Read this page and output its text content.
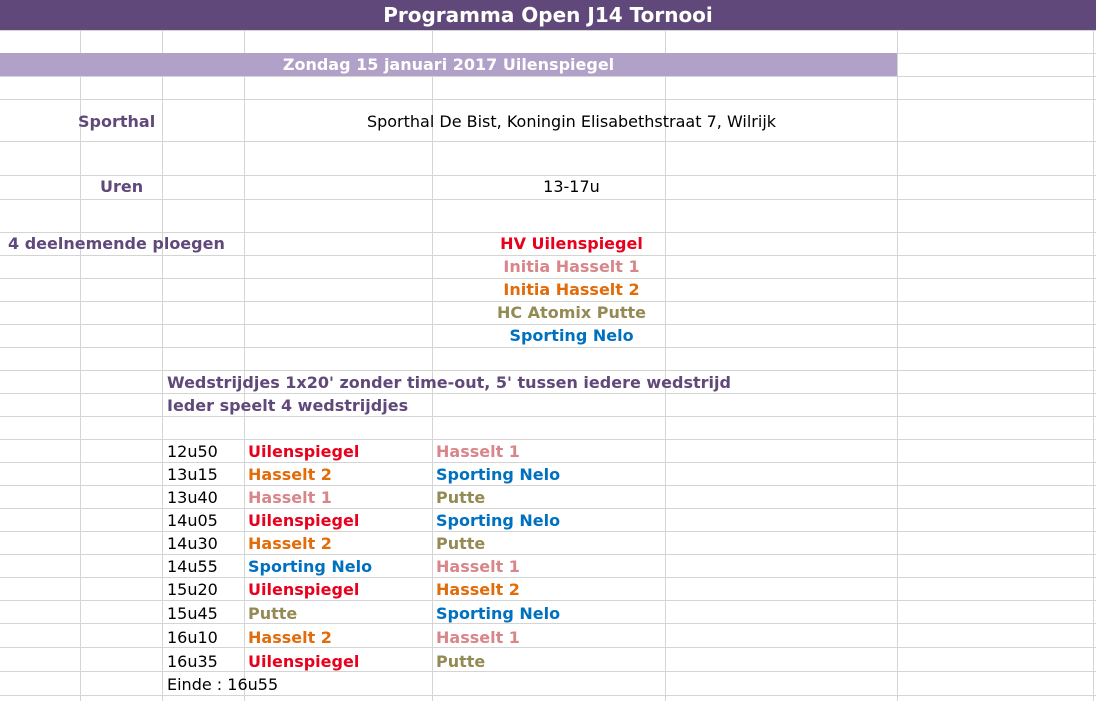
Programma Open J14 Tornooi
Zondag 15 januari 2017 Uilenspiegel
Sporthal	Sporthal De Bist, Koningin Elisabethstraat 7, Wilrijk
Uren	13-17u
4 deelnemende ploegen	HV Uilenspiegel
Initia Hasselt 1
Initia Hasselt 2
HC Atomix Putte
Sporting Nelo
Wedstrijdjes 1x20' zonder time-out, 5' tussen iedere wedstrijd
Ieder speelt 4 wedstrijdjes
12u50 Uilenspiegel	Hasselt 1
13u15 Hasselt 2	Sporting Nelo
13u40 Hasselt 1	Putte
14u05 Uilenspiegel	Sporting Nelo
14u30 Hasselt 2	Putte
14u55 Sporting Nelo	Hasselt 1
15u20 Uilenspiegel	Hasselt 2
15u45 Putte	Sporting Nelo
16u10 Hasselt 2	Hasselt 1
16u35 Uilenspiegel	Putte
Einde : 16u55
